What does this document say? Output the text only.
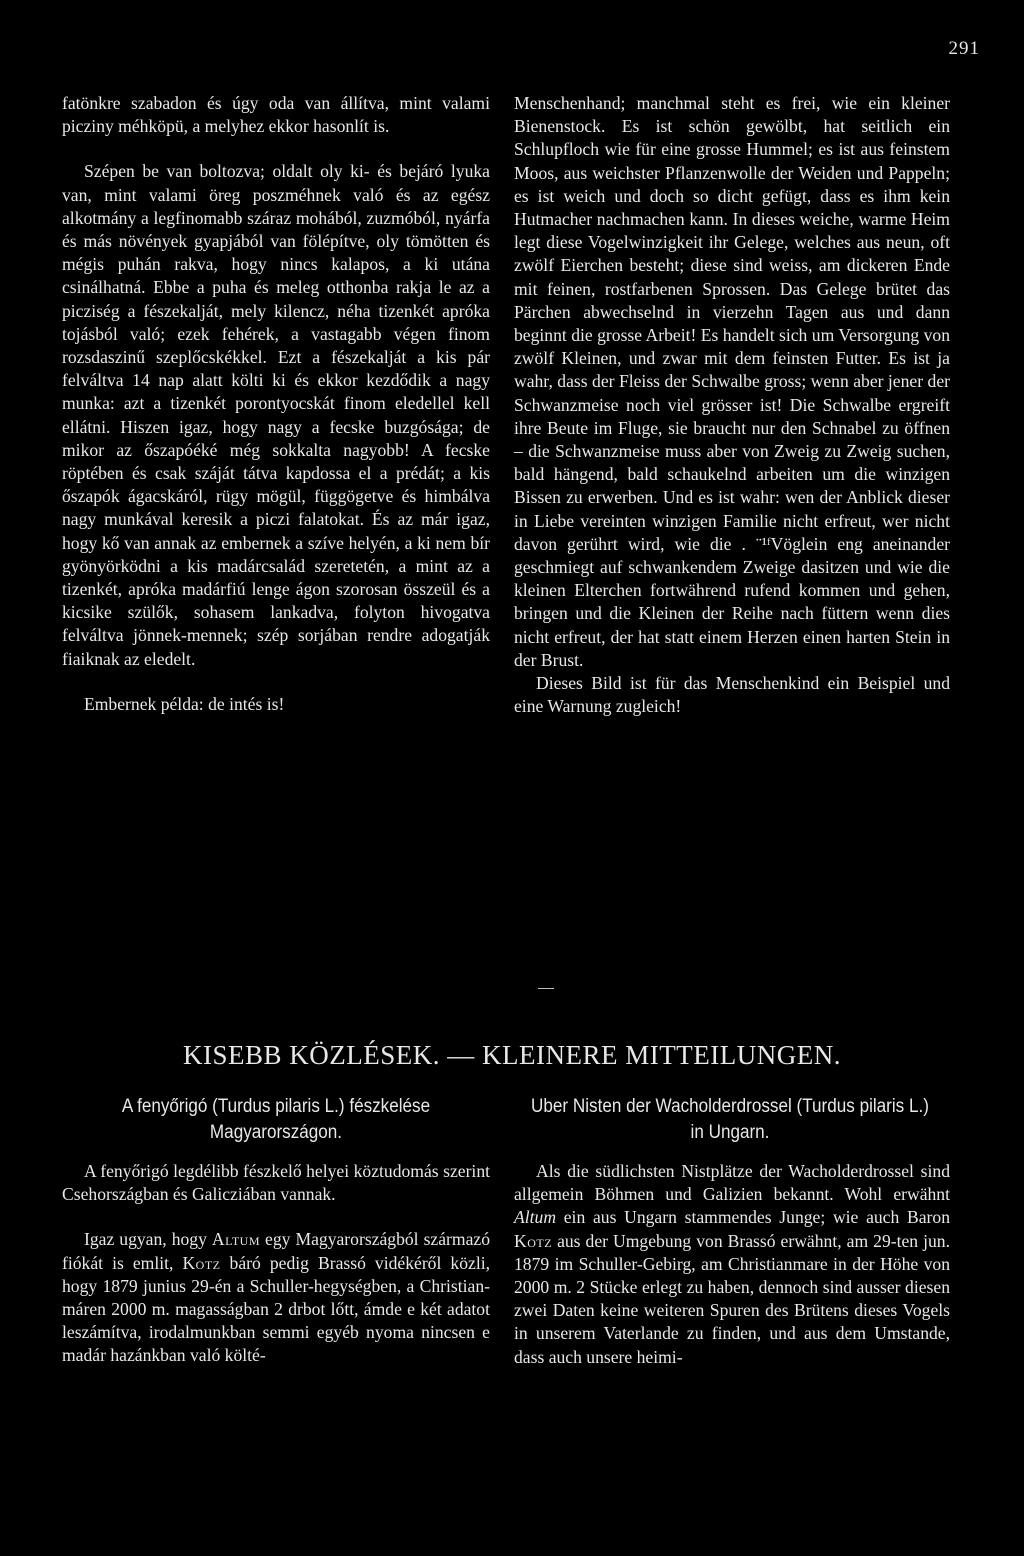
291

fatönkre szabadon és úgy oda van állítva, mint valami picziny méhköpü, a melyhez ekkor hasonlít is.

Szépen be van boltozva; oldalt oly ki- és bejáró lyuka van, mint valami öreg poszméhnek való és az egész alkotmány a legfinomabb száraz mohából, zuzmóból, nyárfa és más növények gyapjából van fölépítve, oly tömötten és mégis puhán rakva, hogy nincs kalapos, a ki utána csinálhatná. Ebbe a puha és meleg otthonba rakja le az a picziség a fészekalját, mely kilencz, néha tizenkét apróka tojásból való; ezek fehérek, a vastagabb végen finom rozsdaszinű szeplőcskékkel. Ezt a fészekalját a kis pár felváltva 14 nap alatt költi ki és ekkor kezdődik a nagy munka: azt a tizenkét porontyocskát finom eledellel kell ellátni. Hiszen igaz, hogy nagy a fecske buzgósága; de mikor az őszapóéké még sokkalta nagyobb! A fecske röptében és csak száját tátva kapdossa el a prédát; a kis őszapók ágacskáról, rügy mögül, függögetve és himbálva nagy munkával keresik a piczi falatokat. És az már igaz, hogy kő van annak az embernek a szíve helyén, a ki nem bír gyönyörködni a kis madárcsalád szeretetén, a mint az a tizenkét, apróka madárfiú lenge ágon szorosan összeül és a kicsike szülők, sohasem lankadva, folyton hivogatva felváltva jönnek-mennek; szép sorjában rendre adogatják fiaiknak az eledelt.

Embernek példa: de intés is!

Menschenhand; manchmal steht es frei, wie ein kleiner Bienenstock. Es ist schön gewölbt, hat seitlich ein Schlupfloch wie für eine grosse Hummel; es ist aus feinstem Moos, aus weichster Pflanzenwolle der Weiden und Pappeln; es ist weich und doch so dicht gefügt, dass es ihm kein Hutmacher nachmachen kann. In dieses weiche, warme Heim legt diese Vogelwinzigkeit ihr Gelege, welches aus neun, oft zwölf Eierchen besteht; diese sind weiss, am dickeren Ende mit feinen, rostfarbenen Sprossen. Das Gelege brütet das Pärchen abwechselnd in vierzehn Tagen aus und dann beginnt die grosse Arbeit! Es handelt sich um Versorgung von zwölf Kleinen, und zwar mit dem feinsten Futter. Es ist ja wahr, dass der Fleiss der Schwalbe gross; wenn aber jener der Schwanzmeise noch viel grösser ist! Die Schwalbe ergreift ihre Beute im Fluge, sie braucht nur den Schnabel zu öffnen – die Schwanzmeise muss aber von Zweig zu Zweig suchen, bald hängend, bald schaukelnd arbeiten um die winzigen Bissen zu erwerben. Und es ist wahr: wen der Anblick dieser in Liebe vereinten winzigen Familie nicht erfreut, wer nicht davon gerührt wird, wie die . ¨¹ᶠVöglein eng aneinander geschmiegt auf schwankendem Zweige dasitzen und wie die kleinen Elterchen fortwährend rufend kommen und gehen, bringen und die Kleinen der Reihe nach füttern wenn dies nicht erfreut, der hat statt einem Herzen einen harten Stein in der Brust.

Dieses Bild ist für das Menschenkind ein Beispiel und eine Warnung zugleich!

KISEBB KÖZLÉSEK. — KLEINERE MITTEILUNGEN.
A fenyőrigó (Turdus pilaris L.) fészkelése Magyarországon.
Uber Nisten der Wacholderdrossel (Turdus pilaris L.) in Ungarn.

A fenyőrigó legdélibb fészkelő helyei köztudomás szerint Csehországban és Galicziában vannak.

Igaz ugyan, hogy Altum egy Magyarországból származó fiókát is emlit, Kotz báró pedig Brassó vidékéről közli, hogy 1879 junius 29-én a Schuller-hegységben, a Christian-máren 2000 m. magasságban 2 drbot lőtt, ámde e két adatot leszámítva, irodalmunkban semmi egyéb nyoma nincsen e madár hazánkban való költé-

Als die südlichsten Nistplätze der Wacholderdrossel sind allgemein Böhmen und Galizien bekannt. Wohl erwähnt Altum ein aus Ungarn stammendes Junge; wie auch Baron Kotz aus der Umgebung von Brassó erwähnt, am 29-ten jun. 1879 im Schuller-Gebirg, am Christianmare in der Höhe von 2000 m. 2 Stücke erlegt zu haben, dennoch sind ausser diesen zwei Daten keine weiteren Spuren des Brütens dieses Vogels in unserem Vaterlande zu finden, und aus dem Umstande, dass auch unsere heimi-
